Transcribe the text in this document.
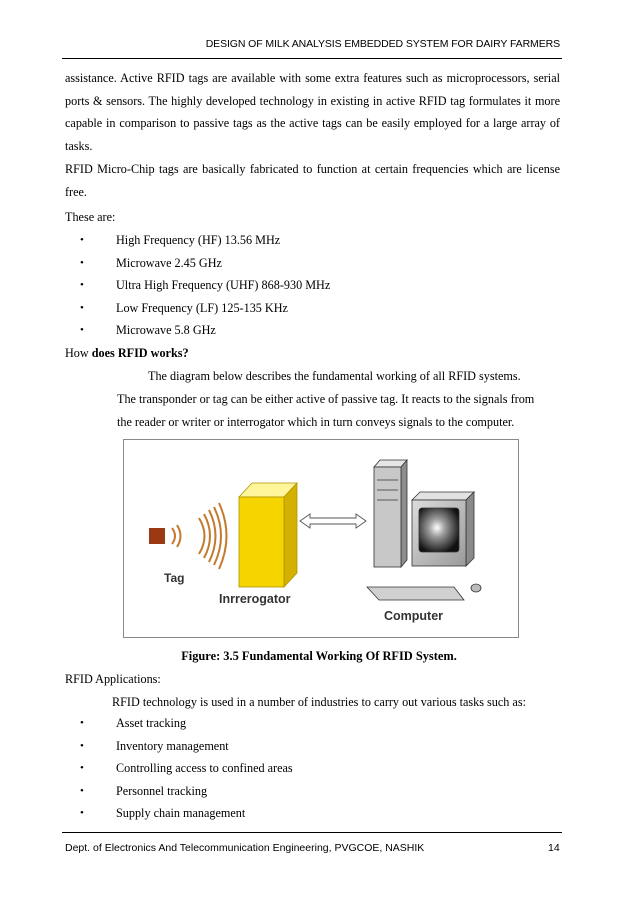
DESIGN OF MILK ANALYSIS EMBEDDED SYSTEM FOR DAIRY FARMERS

assistance. Active RFID tags are available with some extra features such as microprocessors, serial ports & sensors. The highly developed technology in existing in active RFID tag formulates it more capable in comparison to passive tags as the active tags can be easily employed for a large array of tasks.

RFID Micro-Chip tags are basically fabricated to function at certain frequencies which are license free.

These are:

•	High Frequency (HF) 13.56 MHz
•	Microwave 2.45 GHz
•	Ultra High Frequency (UHF) 868-930 MHz
•	Low Frequency (LF) 125-135 KHz
•	Microwave 5.8 GHz

How does RFID works?

The diagram below describes the fundamental working of all RFID systems.

The transponder or tag can be either active of passive tag. It reacts to the signals from

the reader or writer or interrogator which in turn conveys signals to the computer.

Tag
Inrrerogator
Computer
Figure: 3.5 Fundamental Working Of RFID System.

RFID Applications:

RFID technology is used in a number of industries to carry out various tasks such as:

•	Asset tracking
•	Inventory management
•	Controlling access to confined areas
•	Personnel tracking
•	Supply chain management
Dept. of Electronics And Telecommunication Engineering, PVGCOE, NASHIK	14
